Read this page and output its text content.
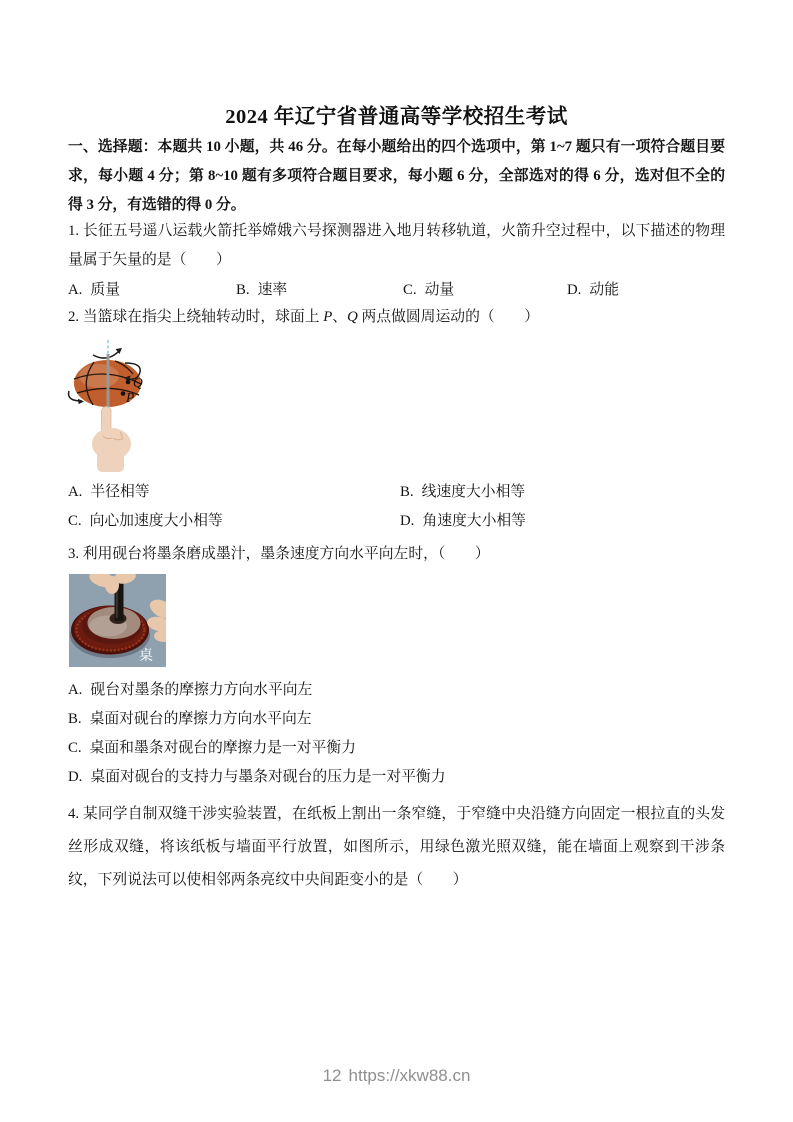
2024 年辽宁省普通高等学校招生考试

一、选择题：本题共 10 小题，共 46 分。在每小题给出的四个选项中，第 1~7 题只有一项符合题目要求，每小题 4 分；第 8~10 题有多项符合题目要求，每小题 6 分，全部选对的得 6 分，选对但不全的得 3 分，有选错的得 0 分。

1. 长征五号遥八运载火箭托举嫦娥六号探测器进入地月转移轨道，火箭升空过程中，以下描述的物理量属于矢量的是（　　）

A. 质量	B. 速率	C. 动量	D. 动能

2. 当篮球在指尖上绕轴转动时，球面上 P、Q 两点做圆周运动的（　　）

Q
P
A. 半径相等	B. 线速度大小相等
C. 向心加速度大小相等	D. 角速度大小相等

3. 利用砚台将墨条磨成墨汁，墨条速度方向水平向左时，（　　）

桌
A. 砚台对墨条的摩擦力方向水平向左
B. 桌面对砚台的摩擦力方向水平向左
C. 桌面和墨条对砚台的摩擦力是一对平衡力
D. 桌面对砚台的支持力与墨条对砚台的压力是一对平衡力

4. 某同学自制双缝干涉实验装置，在纸板上割出一条窄缝，于窄缝中央沿缝方向固定一根拉直的头发丝形成双缝，将该纸板与墙面平行放置，如图所示，用绿色激光照双缝，能在墙面上观察到干涉条纹，下列说法可以使相邻两条亮纹中央间距变小的是（　　）

12 https://xkw88.cn
